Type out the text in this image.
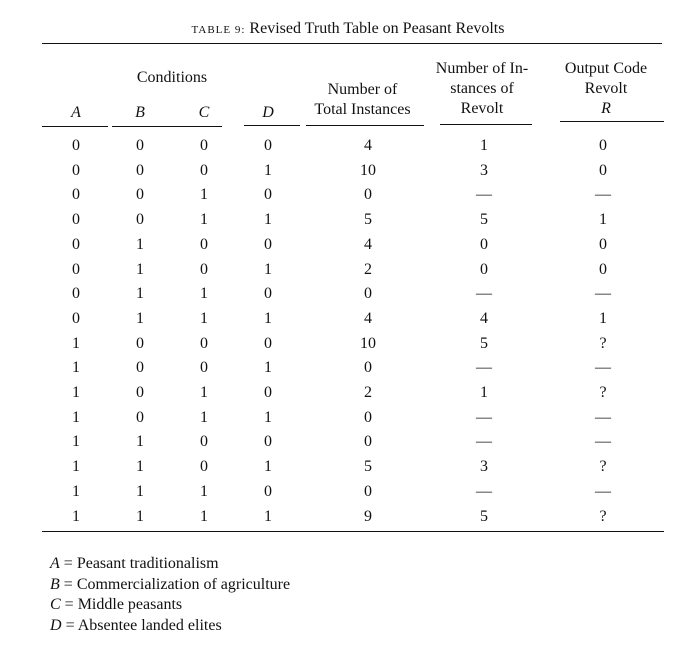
TABLE 9: Revised Truth Table on Peasant Revolts
Conditions
A	B	C	D
Number of
Total Instances
Number of In-
stances of
Revolt
Output Code
Revolt
R
0	0	0	0	4	1	0
0	0	0	1	10	3	0
0	0	1	0	0	—	—
0	0	1	1	5	5	1
0	1	0	0	4	0	0
0	1	0	1	2	0	0
0	1	1	0	0	—	—
0	1	1	1	4	4	1
1	0	0	0	10	5	?
1	0	0	1	0	—	—
1	0	1	0	2	1	?
1	0	1	1	0	—	—
1	1	0	0	0	—	—
1	1	0	1	5	3	?
1	1	1	0	0	—	—
1	1	1	1	9	5	?
A = Peasant traditionalism
B = Commercialization of agriculture
C = Middle peasants
D = Absentee landed elites
